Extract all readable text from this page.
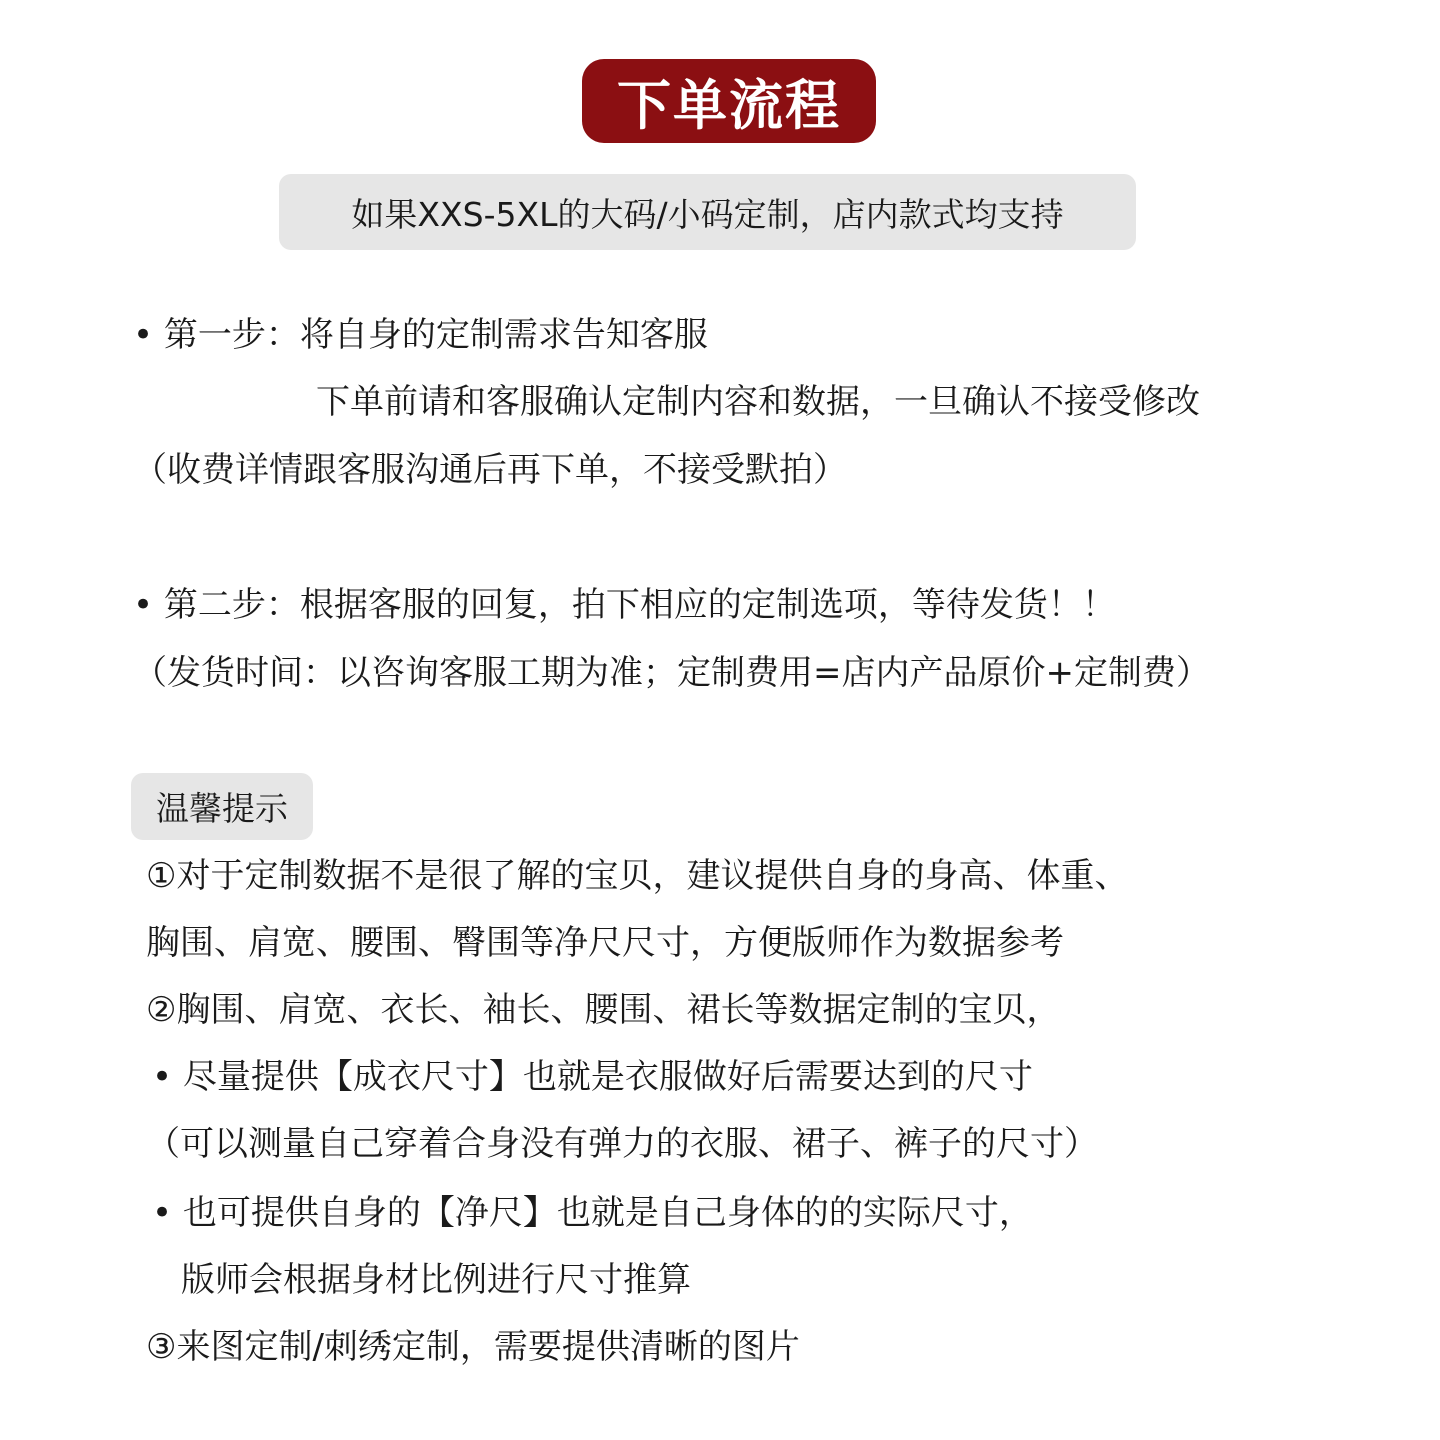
下单流程
如果XXS-5XL的大码/小码定制，店内款式均支持

• 第一步：将自身的定制需求告知客服

下单前请和客服确认定制内容和数据，一旦确认不接受修改

（收费详情跟客服沟通后再下单，不接受默拍）

• 第二步：根据客服的回复，拍下相应的定制选项，等待发货！！

（发货时间：以咨询客服工期为准；定制费用=店内产品原价+定制费）

温馨提示

①对于定制数据不是很了解的宝贝，建议提供自身的身高、体重、

胸围、肩宽、腰围、臀围等净尺尺寸，方便版师作为数据参考

②胸围、肩宽、衣长、袖长、腰围、裙长等数据定制的宝贝，

• 尽量提供【成衣尺寸】也就是衣服做好后需要达到的尺寸

（可以测量自己穿着合身没有弹力的衣服、裙子、裤子的尺寸）

• 也可提供自身的【净尺】也就是自己身体的的实际尺寸，

版师会根据身材比例进行尺寸推算

③来图定制/刺绣定制，需要提供清晰的图片
